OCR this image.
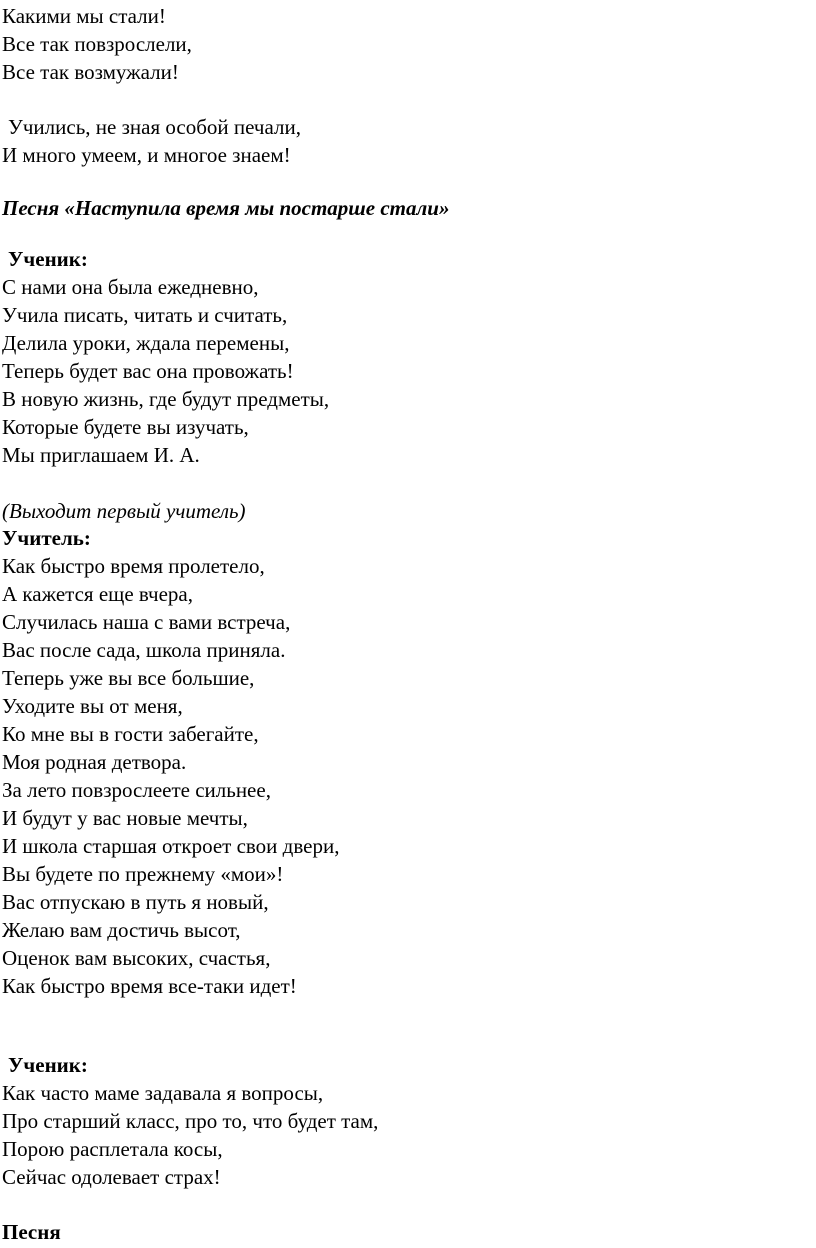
Какими мы стали!
Все так повзрослели,
Все так возмужали!
Учились, не зная особой печали,
И много умеем, и многое знаем!
Песня «Наступила время мы постарше стали»
Ученик:
С нами она была ежедневно,
Учила писать, читать и считать,
Делила уроки, ждала перемены,
Теперь будет вас она провожать!
В новую жизнь, где будут предметы,
Которые будете вы изучать,
Мы приглашаем И. А.
(Выходит первый учитель)
Учитель:
Как быстро время пролетело,
А кажется еще вчера,
Случилась наша с вами встреча,
Вас после сада, школа приняла.
Теперь уже вы все большие,
Уходите вы от меня,
Ко мне вы в гости забегайте,
Моя родная детвора.
За лето повзрослеете сильнее,
И будут у вас новые мечты,
И школа старшая откроет свои двери,
Вы будете по прежнему «мои»!
Вас отпускаю в путь я новый,
Желаю вам достичь высот,
Оценок вам высоких, счастья,
Как быстро время все-таки идет!
Ученик:
Как часто маме задавала я вопросы,
Про старший класс, про то, что будет там,
Порою расплетала косы,
Сейчас одолевает страх!
Песня
